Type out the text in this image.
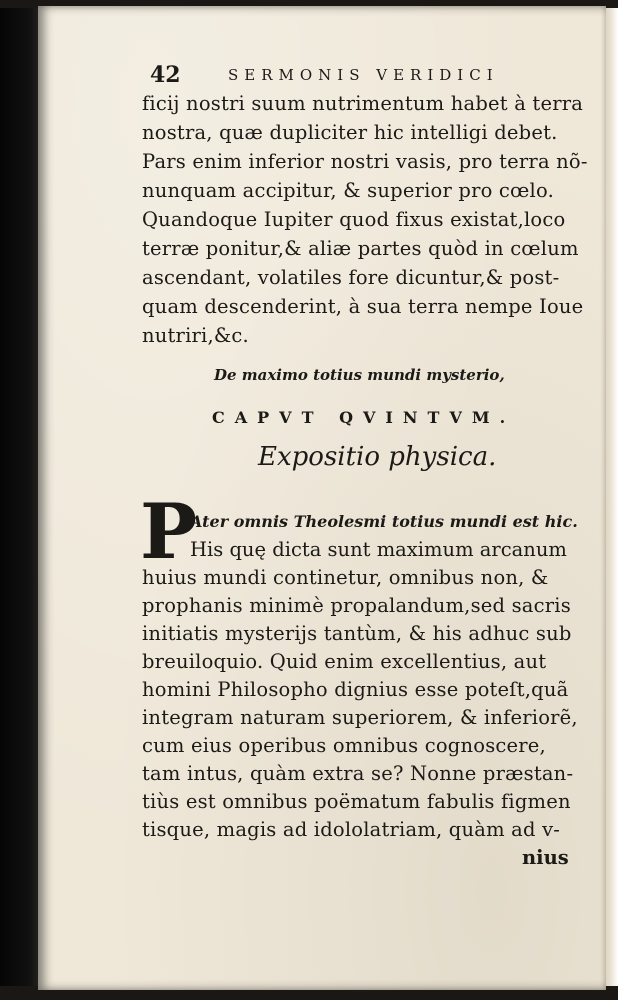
42	SERMONIS VERIDICI
ficij nostri suum nutrimentum habet à terra
nostra, quæ dupliciter hic intelligi debet.
Pars enim inferior nostri vasis, pro terra nõ-
nunquam accipitur, & superior pro cœlo.
Quandoque Iupiter quod fixus existat,loco
terræ ponitur,& aliæ partes quòd in cœlum
ascendant, volatiles fore dicuntur,& post-
quam descenderint, à sua terra nempe Ioue
nutriri,&c.
De maximo totius mundi mysterio,
CAPVT QVINTVM.
Expositio physica.
P
Ater omnis Theolesmi totius mundi est hic.
His quę dicta sunt maximum arcanum
huius mundi continetur, omnibus non, &
prophanis minimè propalandum,sed sacris
initiatis mysterijs tantùm, & his adhuc sub
breuiloquio. Quid enim excellentius, aut
homini Philosopho dignius esse poteſt,quã
integram naturam superiorem, & inferiorẽ,
cum eius operibus omnibus cognoscere,
tam intus, quàm extra se? Nonne præstan-
tiùs est omnibus poëmatum fabulis figmen
tisque, magis ad idololatriam, quàm ad v-
nius
